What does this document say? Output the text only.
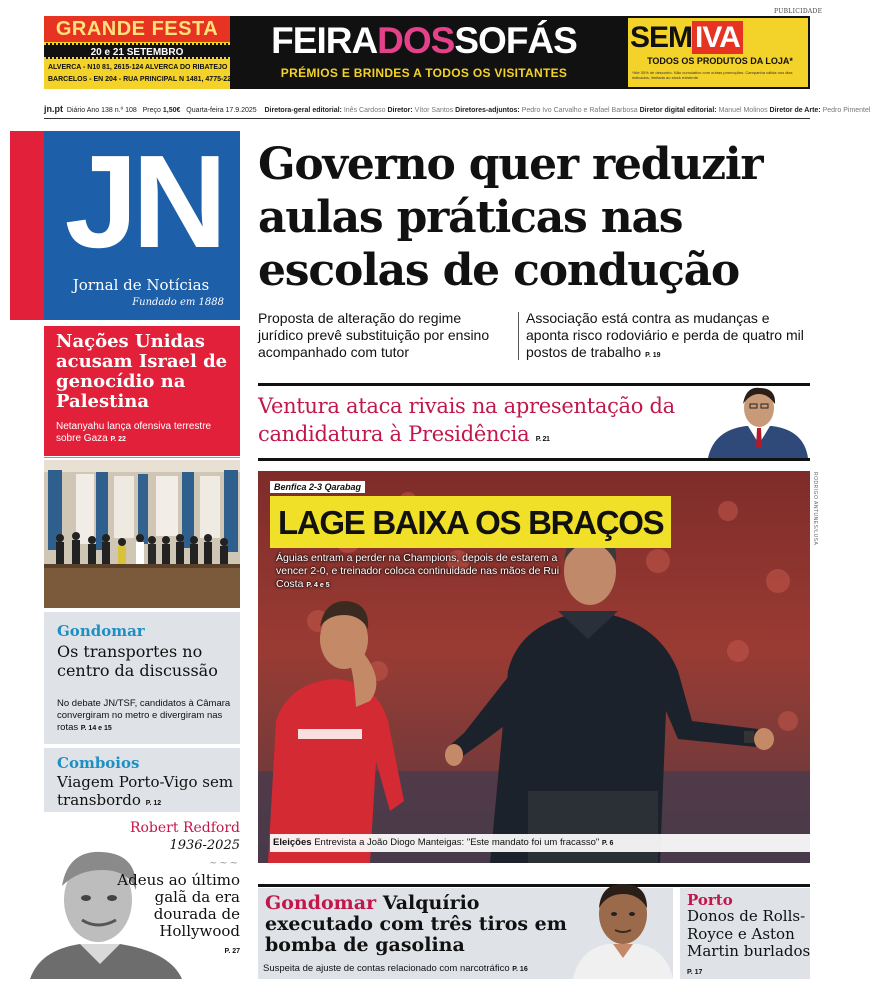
PUBLICIDADE
GRANDE FESTA
20 e 21 SETEMBRO
ALVERCA - N10 81, 2615-124 ALVERCA DO RIBATEJO
BARCELOS - EN 204 - RUA PRINCIPAL N 1481, 4775-221
FEIRADOSSOFÁS
PRÉMIOS E BRINDES A TODOS OS VISITANTES
SEM IVA
TODOS OS PRODUTOS DA LOJA*
*Até 30% de desconto. Não cumulativo com outras promoções. Campanha válida nos dias indicados, limitada ao stock existente.
jn.pt Diário Ano 138 n.º 108 Preço 1,50€ Quarta-feira 17.9.2025 Diretora-geral editorial: Inês Cardoso Diretor: Vítor Santos Diretores-adjuntos: Pedro Ivo Carvalho e Rafael Barbosa Diretor digital editorial: Manuel Molinos Diretor de Arte: Pedro Pimentel
JN
Jornal de Notícias
Fundado em 1888
Nações Unidas acusam Israel de genocídio na Palestina
Netanyahu lança ofensiva terrestre sobre Gaza P. 22
Gondomar
Os transportes no centro da discussão
No debate JN/TSF, candidatos à Câmara convergiram no metro e divergiram nas rotas P. 14 e 15
Comboios
Viagem Porto-Vigo sem transbordo P. 12
Robert Redford
1936-2025
~~~
Adeus ao último galã da era dourada de Hollywood
P. 27
Governo quer reduzir aulas práticas nas escolas de condução
Proposta de alteração do regime jurídico prevê substituição por ensino acompanhado com tutor
Associação está contra as mudanças e aponta risco rodoviário e perda de quatro mil postos de trabalho P. 19
Ventura ataca rivais na apresentação da candidatura à Presidência P. 21
RODRIGO ANTUNES/LUSA
Benfica 2-3 Qarabag
LAGE BAIXA OS BRAÇOS
Águias entram a perder na Champions, depois de estarem a vencer 2-0, e treinador coloca continuidade nas mãos de Rui Costa P. 4 e 5
Eleições Entrevista a João Diogo Manteigas: "Este mandato foi um fracasso" P. 6
Gondomar Valquírio executado com três tiros em bomba de gasolina
Suspeita de ajuste de contas relacionado com narcotráfico P. 16
Porto
Donos de Rolls-Royce e Aston Martin burlados P. 17
